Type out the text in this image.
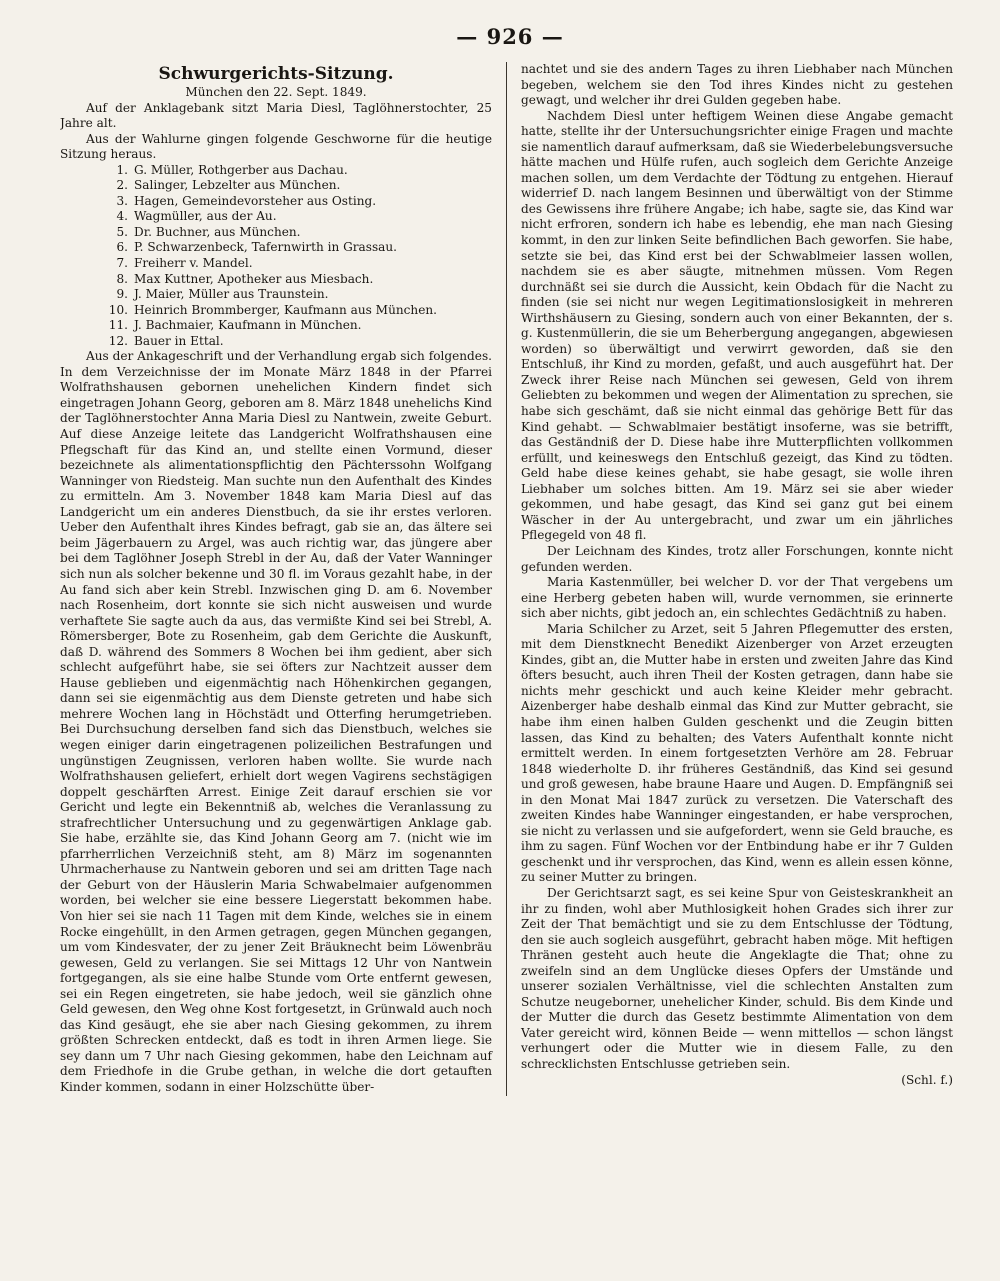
— 926 —

Schwurgerichts-Sitzung.

München den 22. Sept. 1849.

Auf der Anklagebank sitzt Maria Diesl, Taglöhnerstochter, 25 Jahre alt.

Aus der Wahlurne gingen folgende Geschworne für die heutige Sitzung heraus.

1. G. Müller, Rothgerber aus Dachau.
2. Salinger, Lebzelter aus München.
3. Hagen, Gemeindevorsteher aus Osting.
4. Wagmüller, aus der Au.
5. Dr. Buchner, aus München.
6. P. Schwarzenbeck, Tafernwirth in Grassau.
7. Freiherr v. Mandel.
8. Max Kuttner, Apotheker aus Miesbach.
9. J. Maier, Müller aus Traunstein.
10. Heinrich Brommberger, Kaufmann aus München.
11. J. Bachmaier, Kaufmann in München.
12. Bauer in Ettal.

Aus der Ankageschrift und der Verhandlung ergab sich folgendes. In dem Verzeichnisse der im Monate März 1848 in der Pfarrei Wolfrathshausen gebornen unehelichen Kindern findet sich eingetragen Johann Georg, geboren am 8. März 1848 unehelichs Kind der Taglöhnerstochter Anna Maria Diesl zu Nantwein, zweite Geburt. Auf diese Anzeige leitete das Landgericht Wolfrathshausen eine Pflegschaft für das Kind an, und stellte einen Vormund, dieser bezeichnete als alimentationspflichtig den Pächterssohn Wolfgang Wanninger von Riedsteig. Man suchte nun den Aufenthalt des Kindes zu ermitteln. Am 3. November 1848 kam Maria Diesl auf das Landgericht um ein anderes Dienstbuch, da sie ihr erstes verloren. Ueber den Aufenthalt ihres Kindes befragt, gab sie an, das ältere sei beim Jägerbauern zu Argel, was auch richtig war, das jüngere aber bei dem Taglöhner Joseph Strebl in der Au, daß der Vater Wanninger sich nun als solcher bekenne und 30 fl. im Voraus gezahlt habe, in der Au fand sich aber kein Strebl. Inzwischen ging D. am 6. November nach Rosenheim, dort konnte sie sich nicht ausweisen und wurde verhaftete Sie sagte auch da aus, das vermißte Kind sei bei Strebl, A. Römersberger, Bote zu Rosenheim, gab dem Gerichte die Auskunft, daß D. während des Sommers 8 Wochen bei ihm gedient, aber sich schlecht aufgeführt habe, sie sei öfters zur Nachtzeit ausser dem Hause geblieben und eigenmächtig nach Höhenkirchen gegangen, dann sei sie eigenmächtig aus dem Dienste getreten und habe sich mehrere Wochen lang in Höchstädt und Otterfing herumgetrieben. Bei Durchsuchung derselben fand sich das Dienstbuch, welches sie wegen einiger darin eingetragenen polizeilichen Bestrafungen und ungünstigen Zeugnissen, verloren haben wollte. Sie wurde nach Wolfrathshausen geliefert, erhielt dort wegen Vagirens sechstägigen doppelt geschärften Arrest. Einige Zeit darauf erschien sie vor Gericht und legte ein Bekenntniß ab, welches die Veranlassung zu strafrechtlicher Untersuchung und zu gegenwärtigen Anklage gab. Sie habe, erzählte sie, das Kind Johann Georg am 7. (nicht wie im pfarrherrlichen Verzeichniß steht, am 8) März im sogenannten Uhrmacherhause zu Nantwein geboren und sei am dritten Tage nach der Geburt von der Häuslerin Maria Schwabelmaier aufgenommen worden, bei welcher sie eine bessere Liegerstatt bekommen habe. Von hier sei sie nach 11 Tagen mit dem Kinde, welches sie in einem Rocke eingehüllt, in den Armen getragen, gegen München gegangen, um vom Kindesvater, der zu jener Zeit Bräuknecht beim Löwenbräu gewesen, Geld zu verlangen. Sie sei Mittags 12 Uhr von Nantwein fortgegangen, als sie eine halbe Stunde vom Orte entfernt gewesen, sei ein Regen eingetreten, sie habe jedoch, weil sie gänzlich ohne Geld gewesen, den Weg ohne Kost fortgesetzt, in Grünwald auch noch das Kind gesäugt, ehe sie aber nach Giesing gekommen, zu ihrem größten Schrecken entdeckt, daß es todt in ihren Armen liege. Sie sey dann um 7 Uhr nach Giesing gekommen, habe den Leichnam auf dem Friedhofe in die Grube gethan, in welche die dort getauften Kinder kommen, sodann in einer Holzschütte über-

nachtet und sie des andern Tages zu ihren Liebhaber nach München begeben, welchem sie den Tod ihres Kindes nicht zu gestehen gewagt, und welcher ihr drei Gulden gegeben habe.

Nachdem Diesl unter heftigem Weinen diese Angabe gemacht hatte, stellte ihr der Untersuchungsrichter einige Fragen und machte sie namentlich darauf aufmerksam, daß sie Wiederbelebungsversuche hätte machen und Hülfe rufen, auch sogleich dem Gerichte Anzeige machen sollen, um dem Verdachte der Tödtung zu entgehen. Hierauf widerrief D. nach langem Besinnen und überwältigt von der Stimme des Gewissens ihre frühere Angabe; ich habe, sagte sie, das Kind war nicht erfroren, sondern ich habe es lebendig, ehe man nach Giesing kommt, in den zur linken Seite befindlichen Bach geworfen. Sie habe, setzte sie bei, das Kind erst bei der Schwablmeier lassen wollen, nachdem sie es aber säugte, mitnehmen müssen. Vom Regen durchnäßt sei sie durch die Aussicht, kein Obdach für die Nacht zu finden (sie sei nicht nur wegen Legitimationslosigkeit in mehreren Wirthshäusern zu Giesing, sondern auch von einer Bekannten, der s. g. Kustenmüllerin, die sie um Beherbergung angegangen, abgewiesen worden) so überwältigt und verwirrt geworden, daß sie den Entschluß, ihr Kind zu morden, gefaßt, und auch ausgeführt hat. Der Zweck ihrer Reise nach München sei gewesen, Geld von ihrem Geliebten zu bekommen und wegen der Alimentation zu sprechen, sie habe sich geschämt, daß sie nicht einmal das gehörige Bett für das Kind gehabt. — Schwablmaier bestätigt insoferne, was sie betrifft, das Geständniß der D. Diese habe ihre Mutterpflichten vollkommen erfüllt, und keineswegs den Entschluß gezeigt, das Kind zu tödten. Geld habe diese keines gehabt, sie habe gesagt, sie wolle ihren Liebhaber um solches bitten. Am 19. März sei sie aber wieder gekommen, und habe gesagt, das Kind sei ganz gut bei einem Wäscher in der Au untergebracht, und zwar um ein jährliches Pflegegeld von 48 fl.

Der Leichnam des Kindes, trotz aller Forschungen, konnte nicht gefunden werden.

Maria Kastenmüller, bei welcher D. vor der That vergebens um eine Herberg gebeten haben will, wurde vernommen, sie erinnerte sich aber nichts, gibt jedoch an, ein schlechtes Gedächtniß zu haben.

Maria Schilcher zu Arzet, seit 5 Jahren Pflegemutter des ersten, mit dem Dienstknecht Benedikt Aizenberger von Arzet erzeugten Kindes, gibt an, die Mutter habe in ersten und zweiten Jahre das Kind öfters besucht, auch ihren Theil der Kosten getragen, dann habe sie nichts mehr geschickt und auch keine Kleider mehr gebracht. Aizenberger habe deshalb einmal das Kind zur Mutter gebracht, sie habe ihm einen halben Gulden geschenkt und die Zeugin bitten lassen, das Kind zu behalten; des Vaters Aufenthalt konnte nicht ermittelt werden. In einem fortgesetzten Verhöre am 28. Februar 1848 wiederholte D. ihr früheres Geständniß, das Kind sei gesund und groß gewesen, habe braune Haare und Augen. D. Empfängniß sei in den Monat Mai 1847 zurück zu versetzen. Die Vaterschaft des zweiten Kindes habe Wanninger eingestanden, er habe versprochen, sie nicht zu verlassen und sie aufgefordert, wenn sie Geld brauche, es ihm zu sagen. Fünf Wochen vor der Entbindung habe er ihr 7 Gulden geschenkt und ihr versprochen, das Kind, wenn es allein essen könne, zu seiner Mutter zu bringen.

Der Gerichtsarzt sagt, es sei keine Spur von Geisteskrankheit an ihr zu finden, wohl aber Muthlosigkeit hohen Grades sich ihrer zur Zeit der That bemächtigt und sie zu dem Entschlusse der Tödtung, den sie auch sogleich ausgeführt, gebracht haben möge. Mit heftigen Thränen gesteht auch heute die Angeklagte die That; ohne zu zweifeln sind an dem Unglücke dieses Opfers der Umstände und unserer sozialen Verhältnisse, viel die schlechten Anstalten zum Schutze neugeborner, unehelicher Kinder, schuld. Bis dem Kinde und der Mutter die durch das Gesetz bestimmte Alimentation von dem Vater gereicht wird, können Beide — wenn mittellos — schon längst verhungert oder die Mutter wie in diesem Falle, zu den schrecklichsten Entschlusse getrieben sein.

(Schl. f.)
